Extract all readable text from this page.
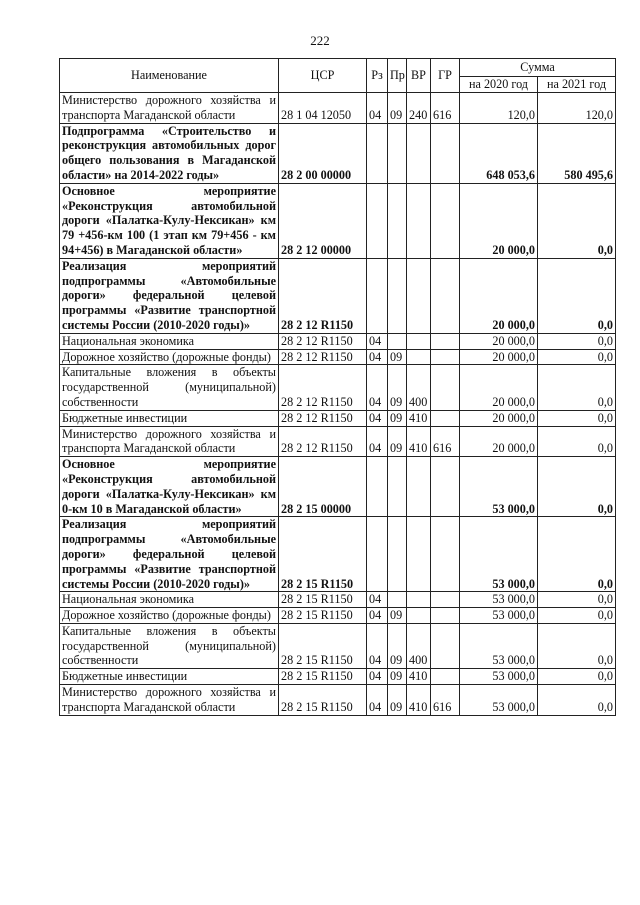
222
Наименование	ЦСР	Рз	Пр	ВР	ГР	Сумма	
						на 2020 год	на 2021 год
Министерство дорожного хозяйства и транспорта Магаданской области	28 1 04 12050	04	09	240	616	120,0	120,0
Подпрограмма «Строительство и реконструкция автомобильных дорог общего пользования в Магаданской области» на 2014-2022 годы»	28 2 00 00000					648 053,6	580 495,6
Основное мероприятие «Реконструкция автомобильной дороги «Палатка-Кулу-Нексикан» км 79 +456-км 100 (1 этап км 79+456 - км 94+456) в Магаданской области»	28 2 12 00000					20 000,0	0,0
Реализация мероприятий подпрограммы «Автомобильные дороги» федеральной целевой программы «Развитие транспортной системы России (2010-2020 годы)»	28 2 12 R1150					20 000,0	0,0
Национальная экономика	28 2 12 R1150	04				20 000,0	0,0
Дорожное хозяйство (дорожные фонды)	28 2 12 R1150	04	09			20 000,0	0,0
Капитальные вложения в объекты государственной (муниципальной) собственности	28 2 12 R1150	04	09	400		20 000,0	0,0
Бюджетные инвестиции	28 2 12 R1150	04	09	410		20 000,0	0,0
Министерство дорожного хозяйства и транспорта Магаданской области	28 2 12 R1150	04	09	410	616	20 000,0	0,0
Основное мероприятие «Реконструкция автомобильной дороги «Палатка-Кулу-Нексикан» км 0-км 10 в Магаданской области»	28 2 15 00000					53 000,0	0,0
Реализация мероприятий подпрограммы «Автомобильные дороги» федеральной целевой программы «Развитие транспортной системы России (2010-2020 годы)»	28 2 15 R1150					53 000,0	0,0
Национальная экономика	28 2 15 R1150	04				53 000,0	0,0
Дорожное хозяйство (дорожные фонды)	28 2 15 R1150	04	09			53 000,0	0,0
Капитальные вложения в объекты государственной (муниципальной) собственности	28 2 15 R1150	04	09	400		53 000,0	0,0
Бюджетные инвестиции	28 2 15 R1150	04	09	410		53 000,0	0,0
Министерство дорожного хозяйства и транспорта Магаданской области	28 2 15 R1150	04	09	410	616	53 000,0	0,0
